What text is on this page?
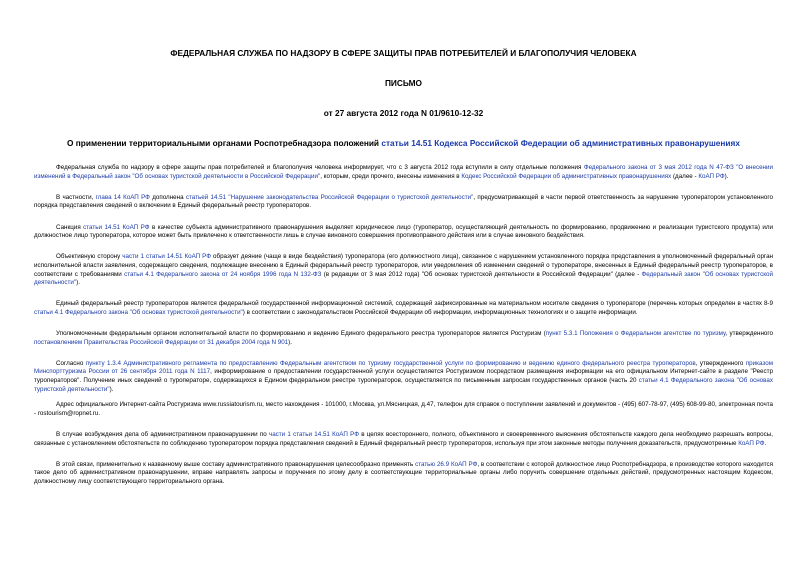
ФЕДЕРАЛЬНАЯ СЛУЖБА ПО НАДЗОРУ В СФЕРЕ ЗАЩИТЫ ПРАВ ПОТРЕБИТЕЛЕЙ И БЛАГОПОЛУЧИЯ ЧЕЛОВЕКА
ПИСЬМО
от 27 августа 2012 года N 01/9610-12-32
О применении территориальными органами Роспотребнадзора положений статьи 14.51 Кодекса Российской Федерации об административных правонарушениях

Федеральная служба по надзору в сфере защиты прав потребителей и благополучия человека информирует, что с 3 августа 2012 года вступили в силу отдельные положения Федерального закона от 3 мая 2012 года N 47-ФЗ "О внесении изменений в Федеральный закон "Об основах туристской деятельности в Российской Федерации", которым, среди прочего, внесены изменения в Кодекс Российской Федерации об административных правонарушениях (далее - КоАП РФ).

В частности, глава 14 КоАП РФ дополнена статьей 14.51 "Нарушение законодательства Российской Федерации о туристской деятельности", предусматривающей в части первой ответственность за нарушение туроператором установленного порядка представления сведений о включении в Единый федеральный реестр туроператоров.

Санкция статьи 14.51 КоАП РФ в качестве субъекта административного правонарушения выделяет юридическое лицо (туроператор, осуществляющий деятельность по формированию, продвижению и реализации туристского продукта) или должностное лицо туроператора, которое может быть привлечено к ответственности лишь в случае виновного совершения противоправного действия или в случае виновного бездействия.

Объективную сторону части 1 статьи 14.51 КоАП РФ образует деяние (чаще в виде бездействия) туроператора (его должностного лица), связанное с нарушением установленного порядка представления в уполномоченный федеральный орган исполнительной власти заявления, содержащего сведения, подлежащие внесению в Единый федеральный реестр туроператоров, или уведомления об изменении сведений о туроператоре, внесенных в Единый федеральный реестр туроператоров, в соответствии с требованиями статьи 4.1 Федерального закона от 24 ноября 1996 года N 132-ФЗ (в редакции от 3 мая 2012 года) "Об основах туристской деятельности в Российской Федерации" (далее - Федеральный закон "Об основах туристской деятельности").

Единый федеральный реестр туроператоров является федеральной государственной информационной системой, содержащей зафиксированные на материальном носителе сведения о туроператоре (перечень которых определен в частях 8-9 статьи 4.1 Федерального закона "Об основах туристской деятельности") в соответствии с законодательством Российской Федерации об информации, информационных технологиях и о защите информации.

Уполномоченным федеральным органом исполнительной власти по формированию и ведению Единого федерального реестра туроператоров является Ростуризм (пункт 5.3.1 Положения о Федеральном агентстве по туризму, утвержденного постановлением Правительства Российской Федерации от 31 декабря 2004 года N 901).

Согласно пункту 1.3.4 Административного регламента по предоставлению Федеральным агентством по туризму государственной услуги по формированию и ведению единого федерального реестра туроператоров, утвержденного приказом Минспорттуризма России от 26 сентября 2011 года N 1117, информирование о предоставлении государственной услуги осуществляется Ростуризмом посредством размещения информации на его официальном Интернет-сайте в разделе "Реестр туроператоров". Получение иных сведений о туроператоре, содержащихся в Едином федеральном реестре туроператоров, осуществляется по письменным запросам государственных органов (часть 20 статьи 4.1 Федерального закона "Об основах туристской деятельности").

Адрес официального Интернет-сайта Ростуризма www.russiatourism.ru, место нахождения - 101000, г.Москва, ул.Мясницкая, д.47, телефон для справок о поступлении заявлений и документов - (495) 607-78-97, (495) 608-99-80, электронная почта - rostourism@ropnet.ru.

В случае возбуждения дела об административном правонарушении по части 1 статьи 14.51 КоАП РФ в целях всестороннего, полного, объективного и своевременного выяснения обстоятельств каждого дела необходимо разрешать вопросы, связанные с установлением обстоятельств по соблюдению туроператором порядка представления сведений в Единый федеральный реестр туроператоров, используя при этом законные методы получения доказательств, предусмотренные КоАП РФ.

В этой связи, применительно к названному выше составу административного правонарушения целесообразно применять статью 26.9 КоАП РФ, в соответствии с которой должностное лицо Роспотребнадзора, в производстве которого находится такое дело об административном правонарушении, вправе направлять запросы и поручения по этому делу в соответствующие территориальные органы либо поручить совершение отдельных действий, предусмотренных настоящим Кодексом, должностному лицу соответствующего территориального органа.
